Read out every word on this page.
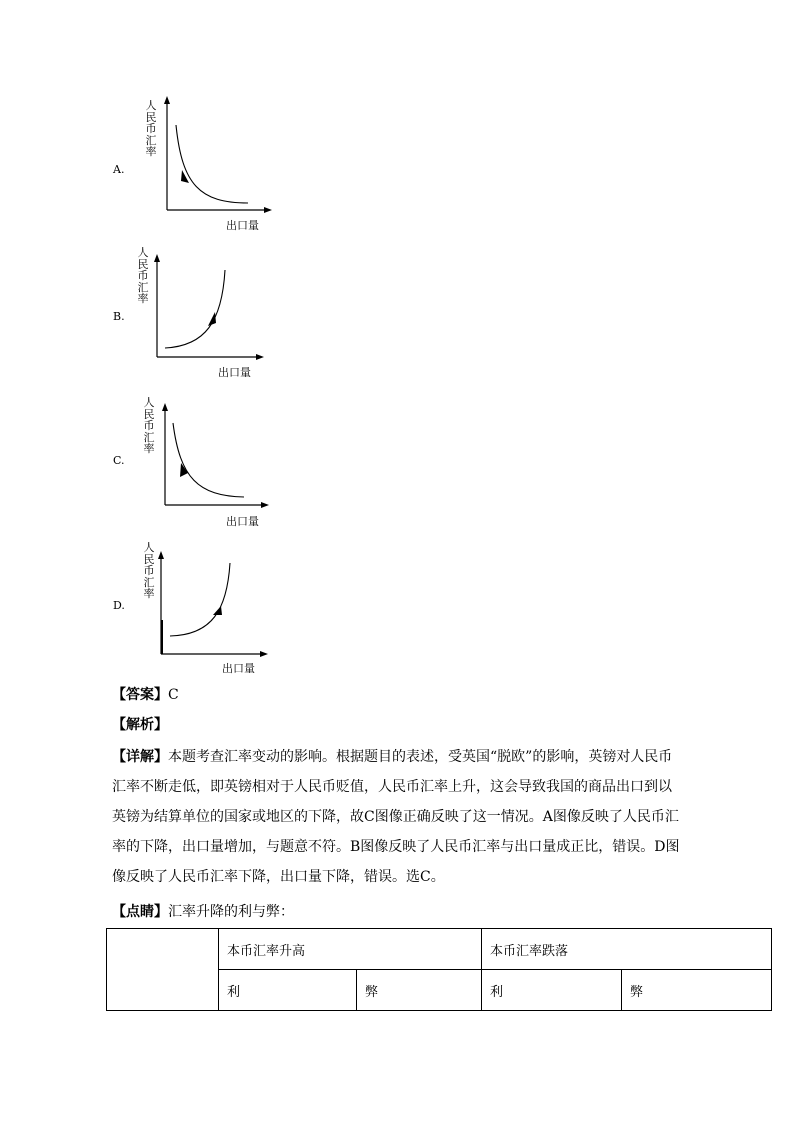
A.
人
民
币
汇
率
出口量
B.
人
民
币
汇
率
出口量
C.
人
民
币
汇
率
出口量
D.
人
民
币
汇
率
出口量
【答案】C
【解析】
【详解】本题考查汇率变动的影响。根据题目的表述，受英国“脱欧”的影响，英镑对人民币
汇率不断走低，即英镑相对于人民币贬值，人民币汇率上升，这会导致我国的商品出口到以
英镑为结算单位的国家或地区的下降，故C图像正确反映了这一情况。A图像反映了人民币汇
率的下降，出口量增加，与题意不符。B图像反映了人民币汇率与出口量成正比，错误。D图
像反映了人民币汇率下降，出口量下降，错误。选C。
【点睛】汇率升降的利与弊：
	本币汇率升高		本币汇率跌落	
	利	弊	利	弊
